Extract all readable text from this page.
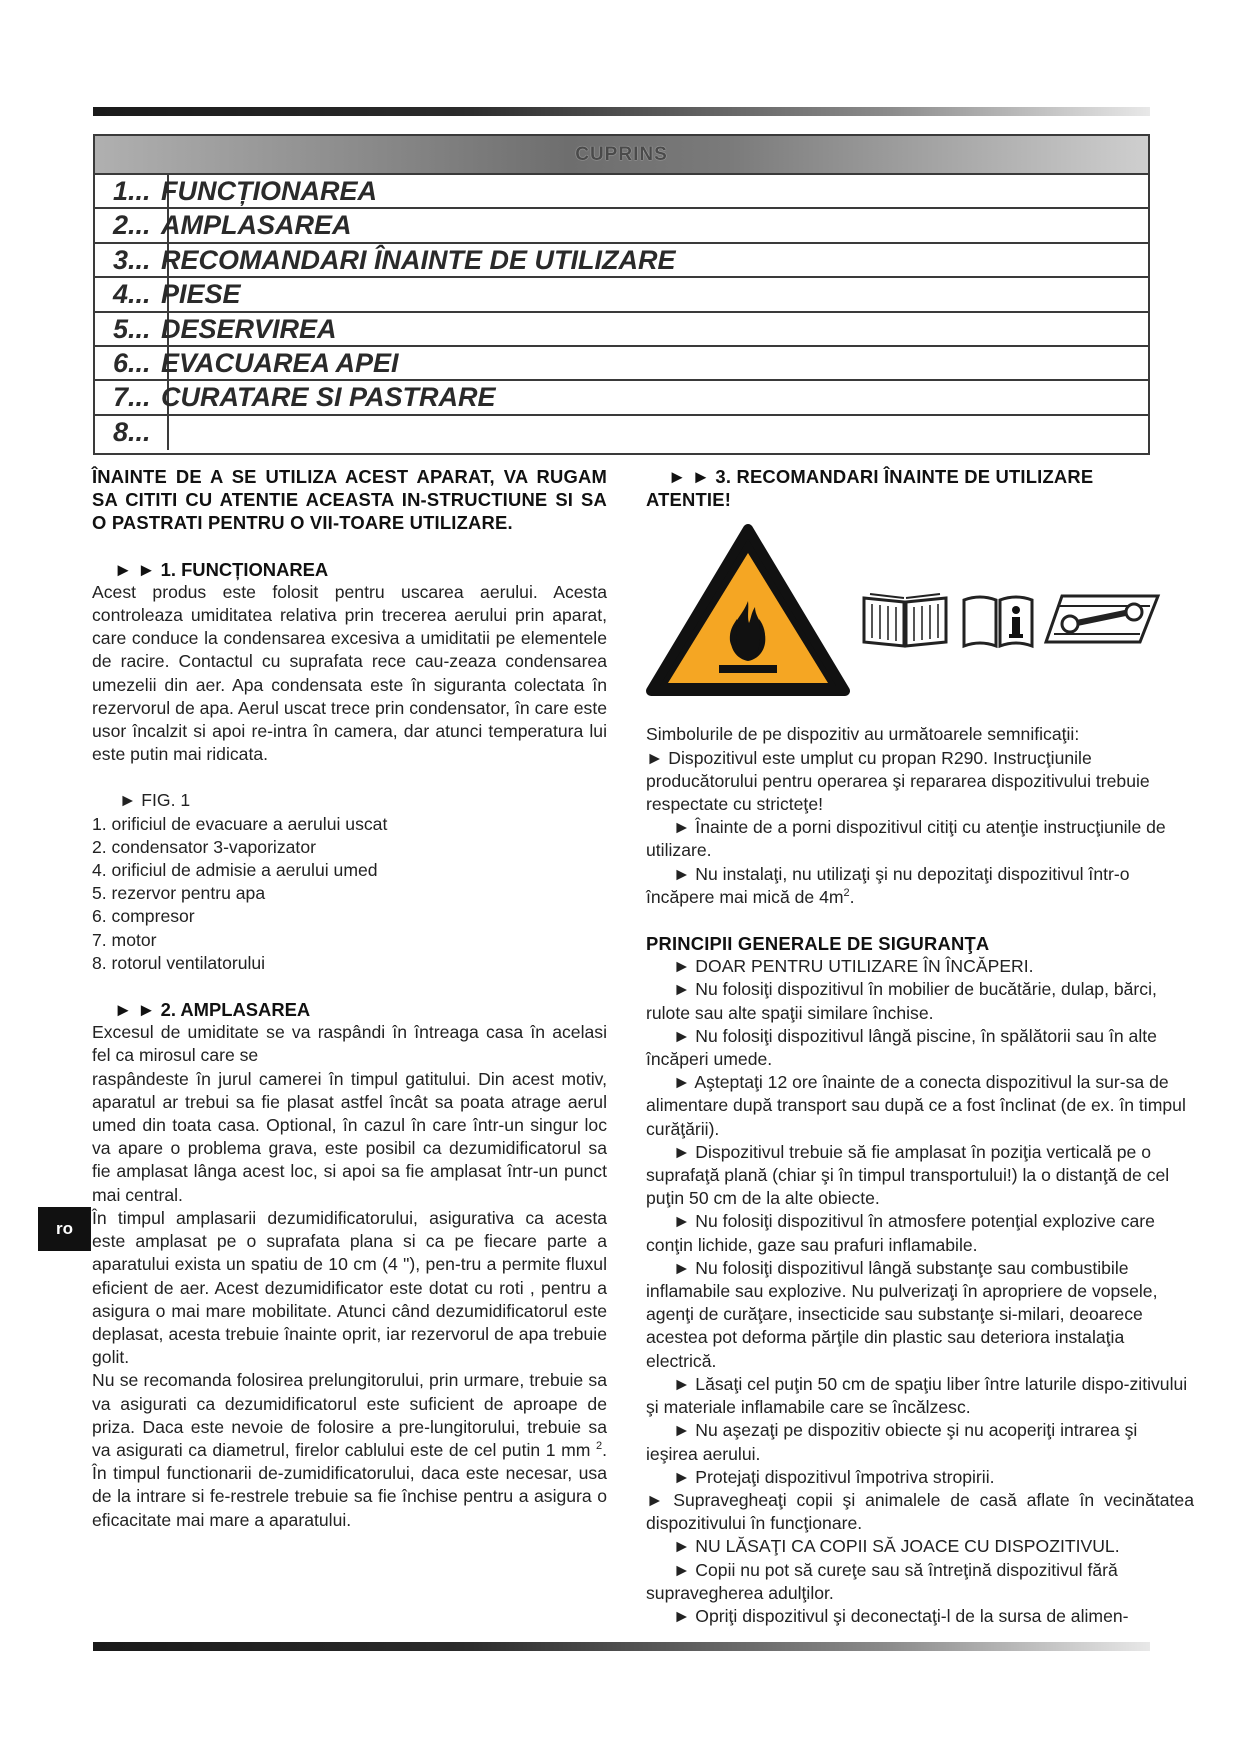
CUPRINS
1... FUNCȚIONAREA
2... AMPLASAREA
3... RECOMANDARI ÎNAINTE DE UTILIZARE
4... PIESE
5... DESERVIREA
6... EVACUAREA APEI
7... CURATARE SI PASTRARE
8...

ÎNAINTE DE A SE UTILIZA ACEST APARAT, VA RUGAM SA CITITI CU ATENTIE ACEASTA IN-STRUCTIUNE SI SA O PASTRATI PENTRU O VII-TOARE UTILIZARE.

► ► 1. FUNCȚIONAREA

Acest produs este folosit pentru uscarea aerului. Acesta controleaza umiditatea relativa prin trecerea aerului prin aparat, care conduce la condensarea excesiva a umiditatii pe elementele de racire. Contactul cu suprafata rece cau-zeaza condensarea umezelii din aer. Apa condensata este în siguranta colectata în rezervorul de apa. Aerul uscat trece prin condensator, în care este usor încalzit si apoi re-intra în camera, dar atunci temperatura lui este putin mai ridicata.

► FIG. 1

1. orificiul de evacuare a aerului uscat

2. condensator 3-vaporizator

4. orificiul de admisie a aerului umed

5. rezervor pentru apa

6. compresor

7. motor

8. rotorul ventilatorului

► ► 2. AMPLASAREA

Excesul de umiditate se va raspândi în întreaga casa în acelasi fel ca mirosul care se

raspândeste în jurul camerei în timpul gatitului. Din acest motiv, aparatul ar trebui sa fie plasat astfel încât sa poata atrage aerul umed din toata casa. Optional, în cazul în care într-un singur loc va apare o problema grava, este posibil ca dezumidificatorul sa fie amplasat lânga acest loc, si apoi sa fie amplasat într-un punct mai central.

În timpul amplasarii dezumidificatorului, asigurativa ca acesta este amplasat pe o suprafata plana si ca pe fiecare parte a aparatului exista un spatiu de 10 cm (4 "), pen-tru a permite fluxul eficient de aer. Acest dezumidificator este dotat cu roti , pentru a asigura o mai mare mobilitate. Atunci când dezumidificatorul este deplasat, acesta trebuie înainte oprit, iar rezervorul de apa trebuie golit.

Nu se recomanda folosirea prelungitorului, prin urmare, trebuie sa va asigurati ca dezumidificatorul este suficient de aproape de priza. Daca este nevoie de folosire a pre-lungitorului, trebuie sa va asigurati ca diametrul, firelor cablului este de cel putin 1 mm $^2$. În timpul functionarii de-zumidificatorului, daca este necesar, usa de la intrare si fe-restrele trebuie sa fie închise pentru a asigura o eficacitate mai mare a aparatului.

► ► 3. RECOMANDARI ÎNAINTE DE UTILIZARE

ATENTIE!

Simbolurile de pe dispozitiv au următoarele semnificaţii:

► Dispozitivul este umplut cu propan R290. Instrucţiunile producătorului pentru operarea şi repararea dispozitivului trebuie respectate cu stricteţe!

► Înainte de a porni dispozitivul citiţi cu atenţie instrucţiunile de utilizare.

► Nu instalaţi, nu utilizaţi şi nu depozitaţi dispozitivul într-o încăpere mai mică de $4m^2$.

PRINCIPII GENERALE DE SIGURANŢA

► DOAR PENTRU UTILIZARE ÎN ÎNCĂPERI.

► Nu folosiţi dispozitivul în mobilier de bucătărie, dulap, bărci, rulote sau alte spaţii similare închise.

► Nu folosiţi dispozitivul lângă piscine, în spălătorii sau în alte încăperi umede.

► Aşteptaţi 12 ore înainte de a conecta dispozitivul la sur-sa de alimentare după transport sau după ce a fost înclinat (de ex. în timpul curăţării).

► Dispozitivul trebuie să fie amplasat în poziţia verticală pe o suprafaţă plană (chiar şi în timpul transportului!) la o distanţă de cel puţin 50 cm de la alte obiecte.

► Nu folosiţi dispozitivul în atmosfere potenţial explozive care conţin lichide, gaze sau prafuri inflamabile.

► Nu folosiţi dispozitivul lângă substanţe sau combustibile inflamabile sau explozive. Nu pulverizaţi în apropriere de vopsele, agenţi de curăţare, insecticide sau substanţe si-milari, deoarece acestea pot deforma părţile din plastic sau deteriora instalaţia electrică.

► Lăsaţi cel puţin 50 cm de spaţiu liber între laturile dispo-zitivului şi materiale inflamabile care se încălzesc.

► Nu aşezaţi pe dispozitiv obiecte şi nu acoperiţi intrarea şi ieşirea aerului.

► Protejaţi dispozitivul împotriva stropirii.

► Supravegheaţi copii şi animalele de casă aflate în vecinătatea dispozitivului în funcţionare.

► NU LĂSAŢI CA COPII SĂ JOACE CU DISPOZITIVUL.

► Copii nu pot să cureţe sau să întreţină dispozitivul fără supravegherea adulţilor.

► Opriţi dispozitivul şi deconectaţi-l de la sursa de alimen-

ro
